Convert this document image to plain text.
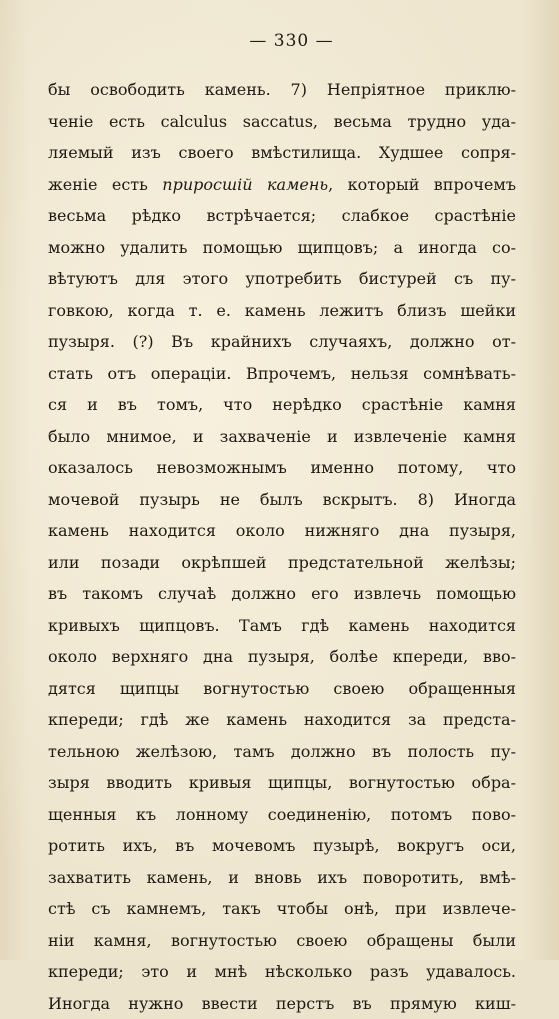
— 330 —
бы освободить камень. 7) Непріятное приклю-
ченіе есть calculus saccatus, весьма трудно уда-
ляемый изъ своего вмѣстилища. Худшее сопря-
женіе есть приросшій камень, который впрочемъ
весьма рѣдко встрѣчается; слабкое срастѣніе
можно удалить помощью щипцовъ; а иногда со-
вѣтуютъ для этого употребить бистурей съ пу-
говкою, когда т. е. камень лежитъ близъ шейки
пузыря. (?) Въ крайнихъ случаяхъ, должно от-
стать отъ операціи. Впрочемъ, нельзя сомнѣвать-
ся и въ томъ, что нерѣдко срастѣніе камня
было мнимое, и захваченіе и извлеченіе камня
оказалось невозможнымъ именно потому, что
мочевой пузырь не былъ вскрытъ. 8) Иногда
камень находится около нижняго дна пузыря,
или позади окрѣпшей предстательной желѣзы;
въ такомъ случаѣ должно его извлечь помощью
кривыхъ щипцовъ. Тамъ гдѣ камень находится
около верхняго дна пузыря, болѣе кпереди, вво-
дятся щипцы вогнутостью своею обращенныя
кпереди; гдѣ же камень находится за предста-
тельною желѣзою, тамъ должно въ полость пу-
зыря вводить кривыя щипцы, вогнутостью обра-
щенныя къ лонному соединенію, потомъ пово-
ротить ихъ, въ мочевомъ пузырѣ, вокругъ оси,
захватить камень, и вновь ихъ поворотить, вмѣ-
стѣ съ камнемъ, такъ чтобы онѣ, при извлече-
ніи камня, вогнутостью своею обращены были
кпереди; это и мнѣ нѣсколько разъ удавалось.
Иногда нужно ввести перстъ въ прямую киш-
